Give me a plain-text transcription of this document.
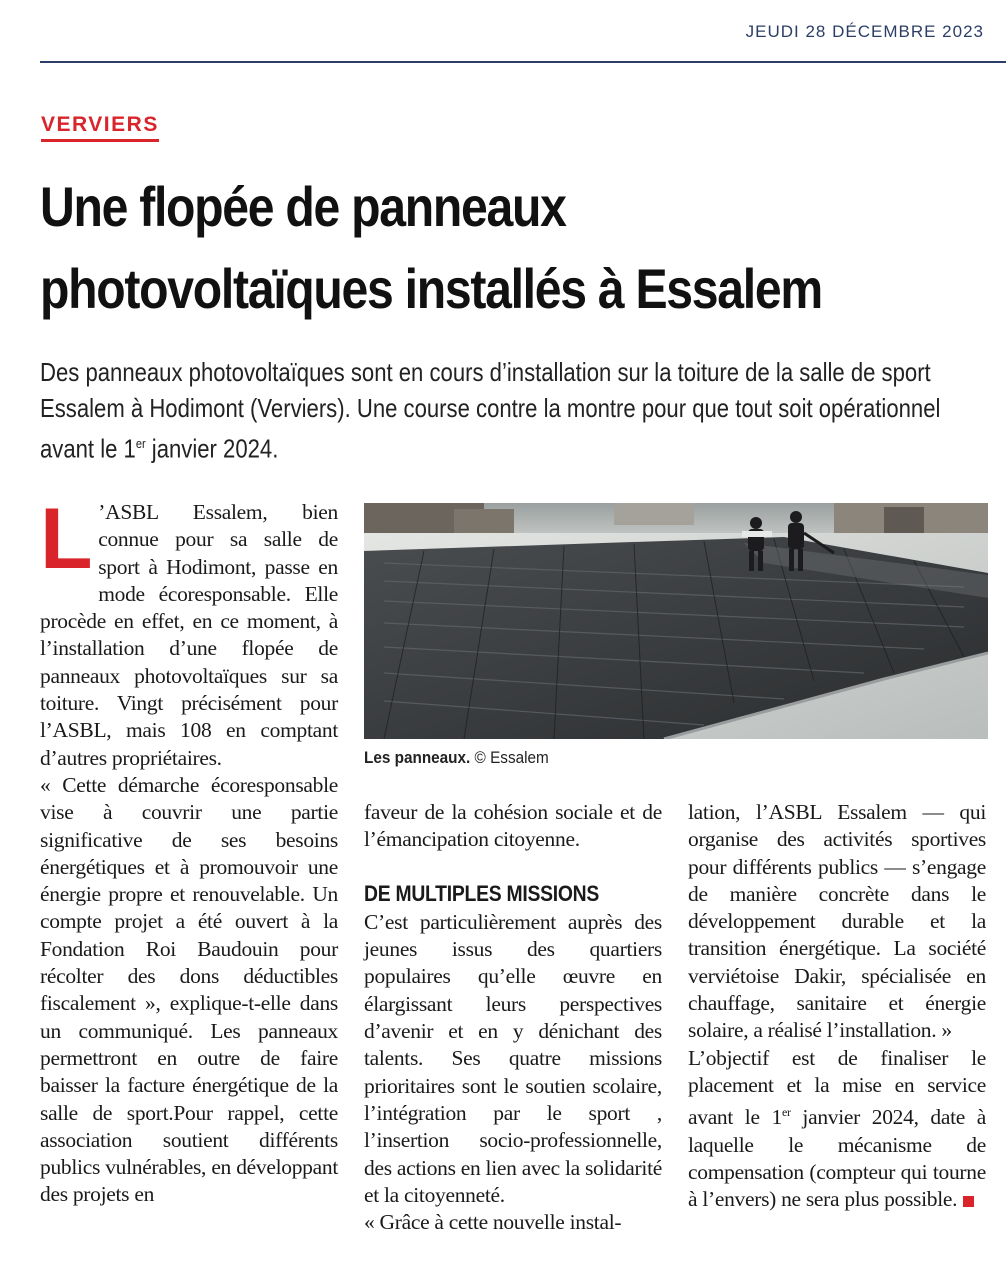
JEUDI 28 DÉCEMBRE 2023
VERVIERS
Une flopée de panneaux
photovoltaïques installés à Essalem

Des panneaux photovoltaïques sont en cours d’installation sur la toiture de la salle de sport Essalem à Hodimont (Verviers). Une course contre la montre pour que tout soit opérationnel avant le 1er janvier 2024.

Les panneaux. © Essalem

L ’ASBL Essalem, bien connue pour sa salle de sport à Hodimont, passe en mode écoresponsable. Elle procède en effet, en ce moment, à l’installation d’une flopée de panneaux photovoltaïques sur sa toiture. Vingt précisément pour l’ASBL, mais 108 en comptant d’autres propriétaires.

« Cette démarche écoresponsable vise à couvrir une partie significative de ses besoins énergétiques et à promouvoir une énergie propre et renouvelable. Un compte projet a été ouvert à la Fondation Roi Baudouin pour récolter des dons déductibles fiscalement », explique-t-elle dans un communiqué. Les panneaux permettront en outre de faire baisser la facture énergétique de la salle de sport.Pour rappel, cette association soutient différents publics vulnérables, en développant des projets en

faveur de la cohésion sociale et de l’émancipation citoyenne.

DE MULTIPLES MISSIONS

C’est particulièrement auprès des jeunes issus des quartiers populaires qu’elle œuvre en élargissant leurs perspectives d’avenir et en y dénichant des talents. Ses quatre missions prioritaires sont le soutien scolaire, l’intégration par le sport , l’insertion socio-professionnelle, des actions en lien avec la solidarité et la citoyenneté.

« Grâce à cette nouvelle instal-

lation, l’ASBL Essalem — qui organise des activités sportives pour différents publics — s’engage de manière concrète dans le développement durable et la transition énergétique. La société verviétoise Dakir, spécialisée en chauffage, sanitaire et énergie solaire, a réalisé l’installation. »

L’objectif est de finaliser le placement et la mise en service avant le 1er janvier 2024, date à laquelle le mécanisme de compensation (compteur qui tourne à l’envers) ne sera plus possible.
